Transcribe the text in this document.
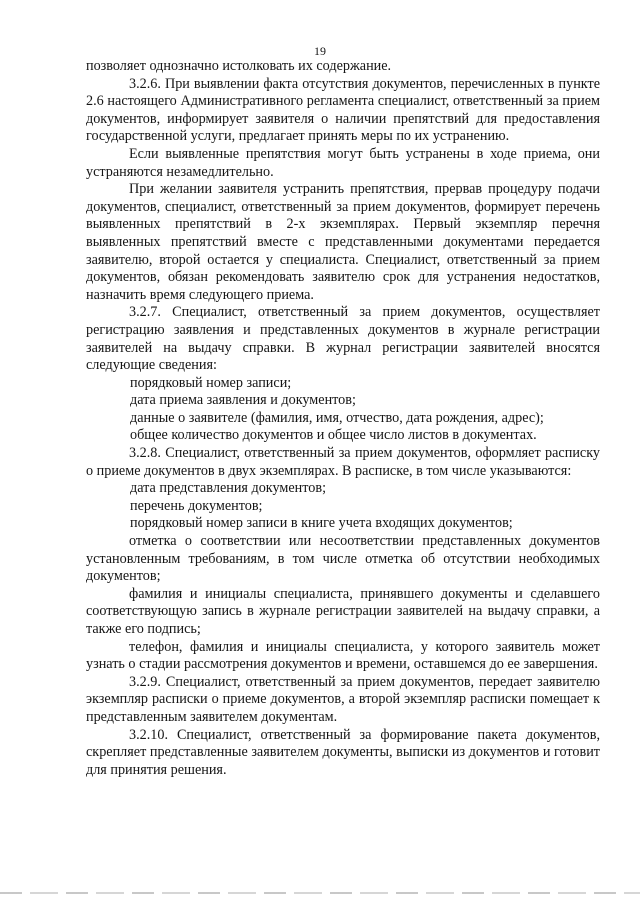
19

позволяет однозначно истолковать их содержание.

3.2.6. При выявлении факта отсутствия документов, перечисленных в пункте 2.6 настоящего Административного регламента специалист, ответственный за прием документов, информирует заявителя о наличии препятствий для предоставления государственной услуги, предлагает принять меры по их устранению.

Если выявленные препятствия могут быть устранены в ходе приема, они устраняются незамедлительно.

При желании заявителя устранить препятствия, прервав процедуру подачи документов, специалист, ответственный за прием документов, формирует перечень выявленных препятствий в 2-х экземплярах. Первый экземпляр перечня выявленных препятствий вместе с представленными документами передается заявителю, второй остается у специалиста. Специалист, ответственный за прием документов, обязан рекомендовать заявителю срок для устранения недостатков, назначить время следующего приема.

3.2.7. Специалист, ответственный за прием документов, осуществляет регистрацию заявления и представленных документов в журнале регистрации заявителей на выдачу справки. В журнал регистрации заявителей вносятся следующие сведения:

порядковый номер записи;

дата приема заявления и документов;

данные о заявителе (фамилия, имя, отчество, дата рождения, адрес);

общее количество документов и общее число листов в документах.

3.2.8. Специалист, ответственный за прием документов, оформляет расписку о приеме документов в двух экземплярах. В расписке, в том числе указываются:

дата представления документов;

перечень документов;

порядковый номер записи в книге учета входящих документов;

отметка о соответствии или несоответствии представленных документов установленным требованиям, в том числе отметка об отсутствии необходимых документов;

фамилия и инициалы специалиста, принявшего документы и сделавшего соответствующую запись в журнале регистрации заявителей на выдачу справки, а также его подпись;

телефон, фамилия и инициалы специалиста, у которого заявитель может узнать о стадии рассмотрения документов и времени, оставшемся до ее завершения.

3.2.9. Специалист, ответственный за прием документов, передает заявителю экземпляр расписки о приеме документов, а второй экземпляр расписки помещает к представленным заявителем документам.

3.2.10. Специалист, ответственный за формирование пакета документов, скрепляет представленные заявителем документы, выписки из документов и готовит для принятия решения.
